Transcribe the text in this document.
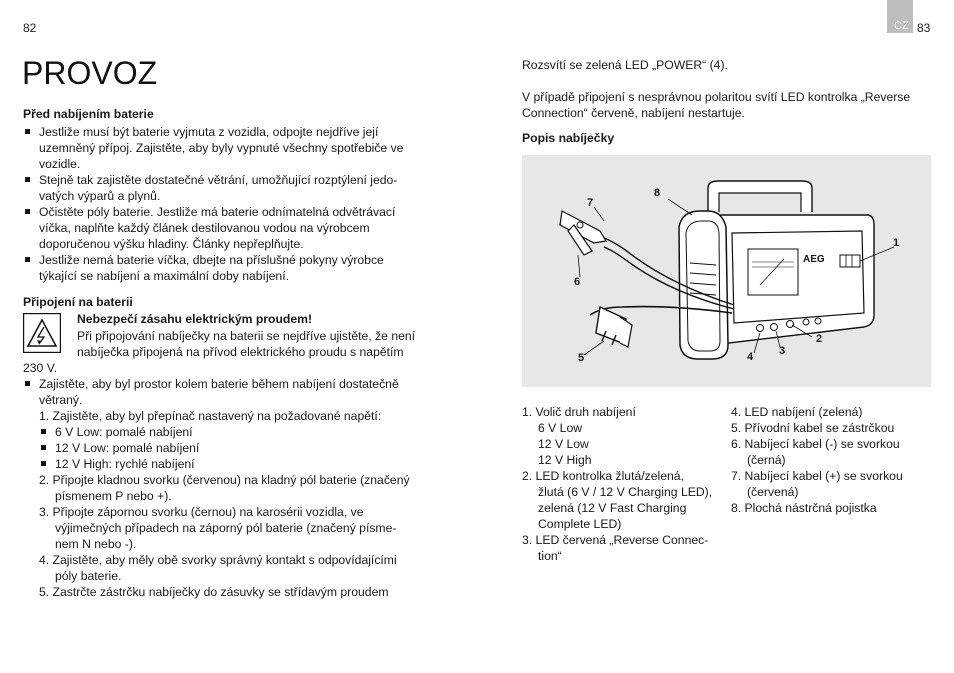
82	CZ 83
PROVOZ
Před nabíjením baterie
Jestliže musí být baterie vyjmuta z vozidla, odpojte nejdříve její
uzemněný přípoj. Zajistěte, aby byly vypnuté všechny spotřebiče ve
vozidle.
Stejně tak zajistěte dostatečné větrání, umožňující rozptýlení jedo-
vatých výparů a plynů.
Očistěte póly baterie. Jestliže má baterie odnímatelná odvětrávací
víčka, naplňte každý článek destilovanou vodou na výrobcem
doporučenou výšku hladiny. Články nepřeplňujte.
Jestliže nemá baterie víčka, dbejte na příslušné pokyny výrobce
týkající se nabíjení a maximální doby nabíjení.
Připojení na baterii
Nebezpečí zásahu elektrickým proudem!
Při připojování nabíječky na baterii se nejdříve ujistěte, že není
nabíječka připojená na přívod elektrického proudu s napětím
230 V.
Zajistěte, aby byl prostor kolem baterie během nabíjení dostatečně
větraný.
1. Zajistěte, aby byl přepínač nastavený na požadované napětí:
6 V Low: pomalé nabíjení
12 V Low: pomalé nabíjení
12 V High: rychlé nabíjení
2. Připojte kladnou svorku (červenou) na kladný pól baterie (značený
písmenem P nebo +).
3. Připojte zápornou svorku (černou) na karosérii vozidla, ve
výjimečných případech na záporný pól baterie (značený písme-
nem N nebo -).
4. Zajistěte, aby měly obě svorky správný kontakt s odpovídajícími
póly baterie.
5. Zastrčte zástrčku nabíječky do zásuvky se střídavým proudem
Rozsvítí se zelená LED „POWER“ (4).
V případě připojení s nesprávnou polaritou svítí LED kontrolka „Reverse
Connection“ červeně, nabíjení nestartuje.
Popis nabíječky
AEG
1
2
3
4
5
6
7
8
1. Volič druh nabíjení
6 V Low
12 V Low
12 V High
2. LED kontrolka žlutá/zelená,
žlutá (6 V / 12 V Charging LED),
zelená (12 V Fast Charging
Complete LED)
3. LED červená „Reverse Connec-
tion“
4. LED nabíjení (zelená)
5. Přívodní kabel se zástrčkou
6. Nabíjecí kabel (-) se svorkou
(černá)
7. Nabíjecí kabel (+) se svorkou
(červená)
8. Plochá nástrčná pojistka
